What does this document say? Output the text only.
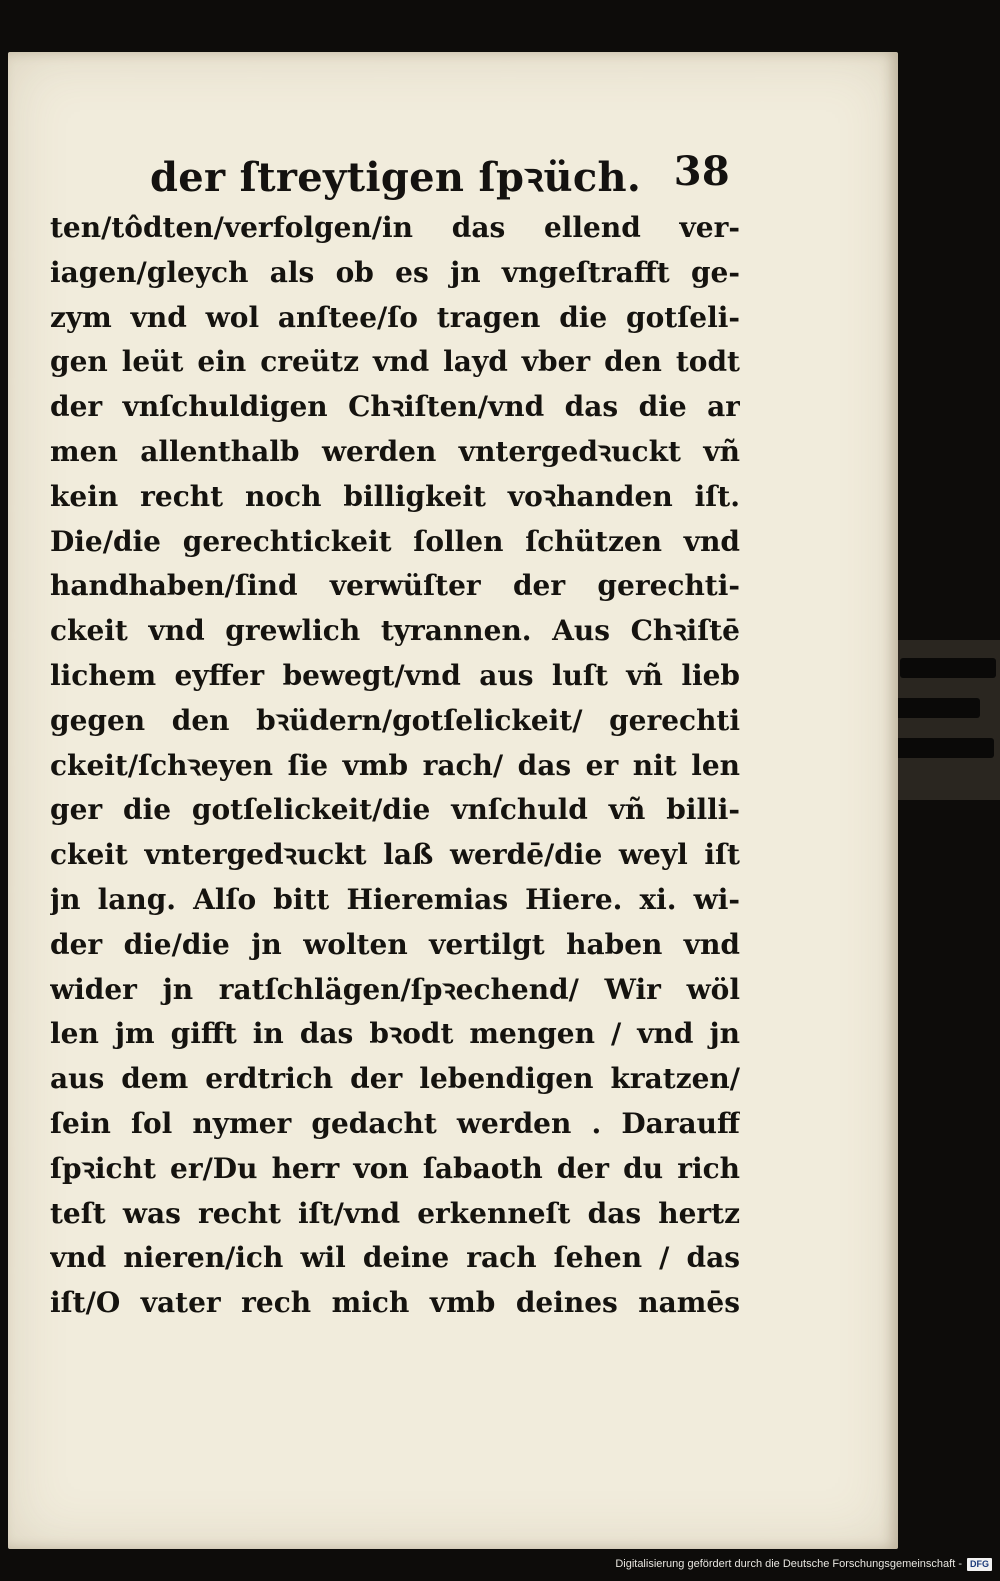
der ſtreytigen ſpꝛüch. 38
ten/tôdten/verfolgen/in das ellend ver-
iagen/gleych als ob es jn vngeſtrafft ge-
zym vnd wol anſtee/ſo tragen die gotſeli-
gen leüt ein creütz vnd layd vber den todt
der vnſchuldigen Chꝛiſten/vnd das die ar
men allenthalb werden vntergedꝛuckt vñ
kein recht noch billigkeit voꝛhanden iſt.
Die/die gerechtickeit ſollen ſchützen vnd
handhaben/ſind verwüſter der gerechti-
ckeit vnd grewlich tyrannen. Aus Chꝛiſtē
lichem eyffer bewegt/vnd aus luſt vñ lieb
gegen den bꝛüdern/gotſelickeit/ gerechti
ckeit/ſchꝛeyen ſie vmb rach/ das er nit len
ger die gotſelickeit/die vnſchuld vñ billi-
ckeit vntergedꝛuckt laß werdē/die weyl iſt
jn lang. Alſo bitt Hieremias Hiere. xi. wi-
der die/die jn wolten vertilgt haben vnd
wider jn ratſchlägen/ſpꝛechend/ Wir wöl
len jm gifft in das bꝛodt mengen / vnd jn
aus dem erdtrich der lebendigen kratzen/
ſein ſol nymer gedacht werden . Darauff
ſpꝛicht er/Du herr von ſabaoth der du rich
teſt was recht iſt/vnd erkenneſt das hertz
vnd nieren/ich wil deine rach ſehen / das
iſt/O vater rech mich vmb deines namēs
Digitalisierung gefördert durch die Deutsche Forschungsgemeinschaft - DFG
